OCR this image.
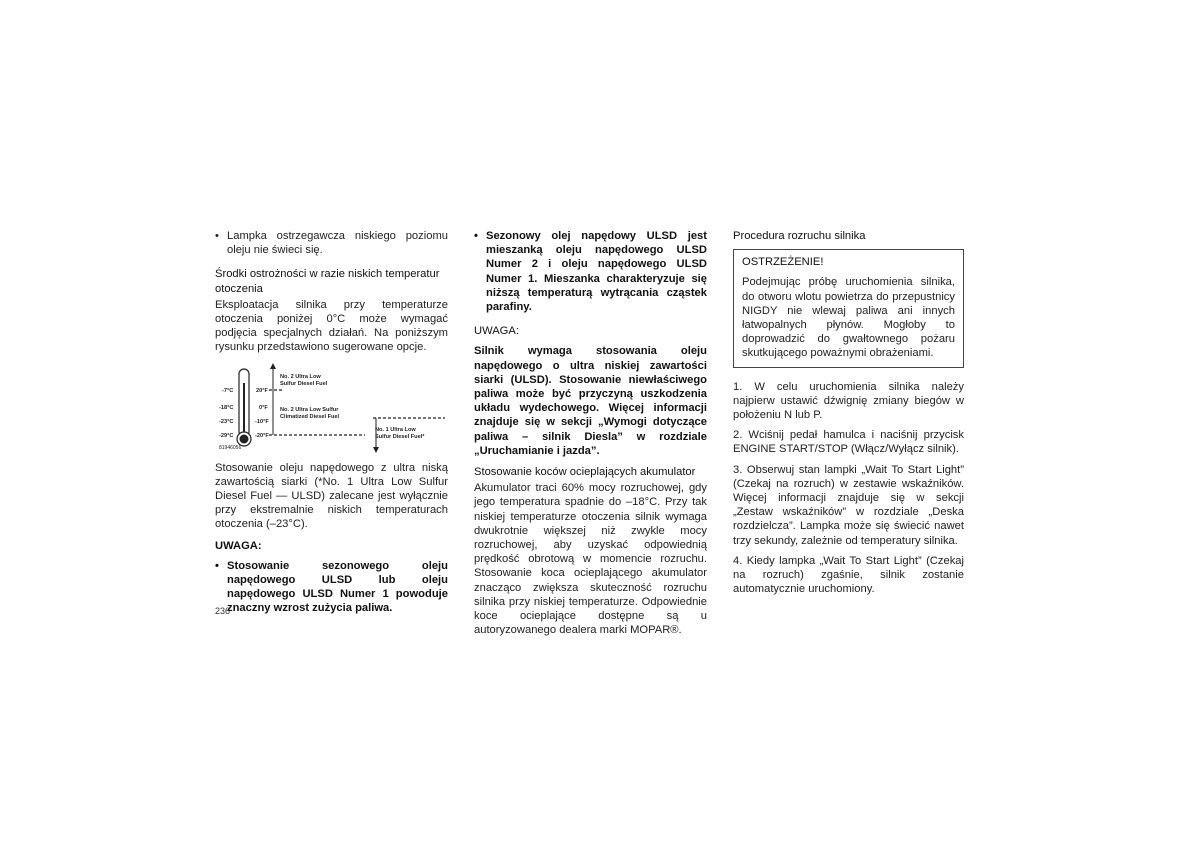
• Lampka ostrzegawcza niskiego poziomu oleju nie świeci się.
Środki ostrożności w razie niskich temperatur otoczenia

Eksploatacja silnika przy temperaturze otoczenia poniżej 0°C może wymagać podjęcia specjalnych działań. Na poniższym rysunku przedstawiono sugerowane opcje.

-7°C
-18°C
-23°C
-29°C
20°F
0°F
-10°F
-20°F
No. 2 Ultra Low Sulfur Diesel Fuel
No. 2 Ultra Low Sulfur Climatized Diesel Fuel
No. 1 Ultra Low Sulfur Diesel Fuel*
81946056

Stosowanie oleju napędowego z ultra niską zawartością siarki (*No. 1 Ultra Low Sulfur Diesel Fuel — ULSD) zalecane jest wyłącznie przy ekstremalnie niskich temperaturach otoczenia (–23°C).

UWAGA:
• Stosowanie sezonowego oleju napędowego ULSD lub oleju napędowego ULSD Numer 1 powoduje znaczny wzrost zużycia paliwa.
• Sezonowy olej napędowy ULSD jest mieszanką oleju napędowego ULSD Numer 2 i oleju napędowego ULSD Numer 1. Mieszanka charakteryzuje się niższą temperaturą wytrącania cząstek parafiny.
UWAGA:

Silnik wymaga stosowania oleju napędowego o ultra niskiej zawartości siarki (ULSD). Stosowanie niewłaściwego paliwa może być przyczyną uszkodzenia układu wydechowego. Więcej informacji znajduje się w sekcji „Wymogi dotyczące paliwa – silnik Diesla” w rozdziale „Uruchamianie i jazda”.

Stosowanie koców ocieplających akumulator

Akumulator traci 60% mocy rozruchowej, gdy jego temperatura spadnie do –18°C. Przy tak niskiej temperaturze otoczenia silnik wymaga dwukrotnie większej niż zwykle mocy rozruchowej, aby uzyskać odpowiednią prędkość obrotową w momencie rozruchu. Stosowanie koca ocieplającego akumulator znacząco zwiększa skuteczność rozruchu silnika przy niskiej temperaturze. Odpowiednie koce ocieplające dostępne są u autoryzowanego dealera marki MOPAR®.

Procedura rozruchu silnika
OSTRZEŻENIE!

Podejmując próbę uruchomienia silnika, do otworu wlotu powietrza do przepustnicy NIGDY nie wlewaj paliwa ani innych łatwopalnych płynów. Mogłoby to doprowadzić do gwałtownego pożaru skutkującego poważnymi obrażeniami.

1. W celu uruchomienia silnika należy najpierw ustawić dźwignię zmiany biegów w położeniu N lub P.

2. Wciśnij pedał hamulca i naciśnij przycisk ENGINE START/STOP (Włącz/Wyłącz silnik).

3. Obserwuj stan lampki „Wait To Start Light” (Czekaj na rozruch) w zestawie wskaźników. Więcej informacji znajduje się w sekcji „Zestaw wskaźników” w rozdziale „Deska rozdzielcza”. Lampka może się świecić nawet trzy sekundy, zależnie od temperatury silnika.

4. Kiedy lampka „Wait To Start Light” (Czekaj na rozruch) zgaśnie, silnik zostanie automatycznie uruchomiony.

236
